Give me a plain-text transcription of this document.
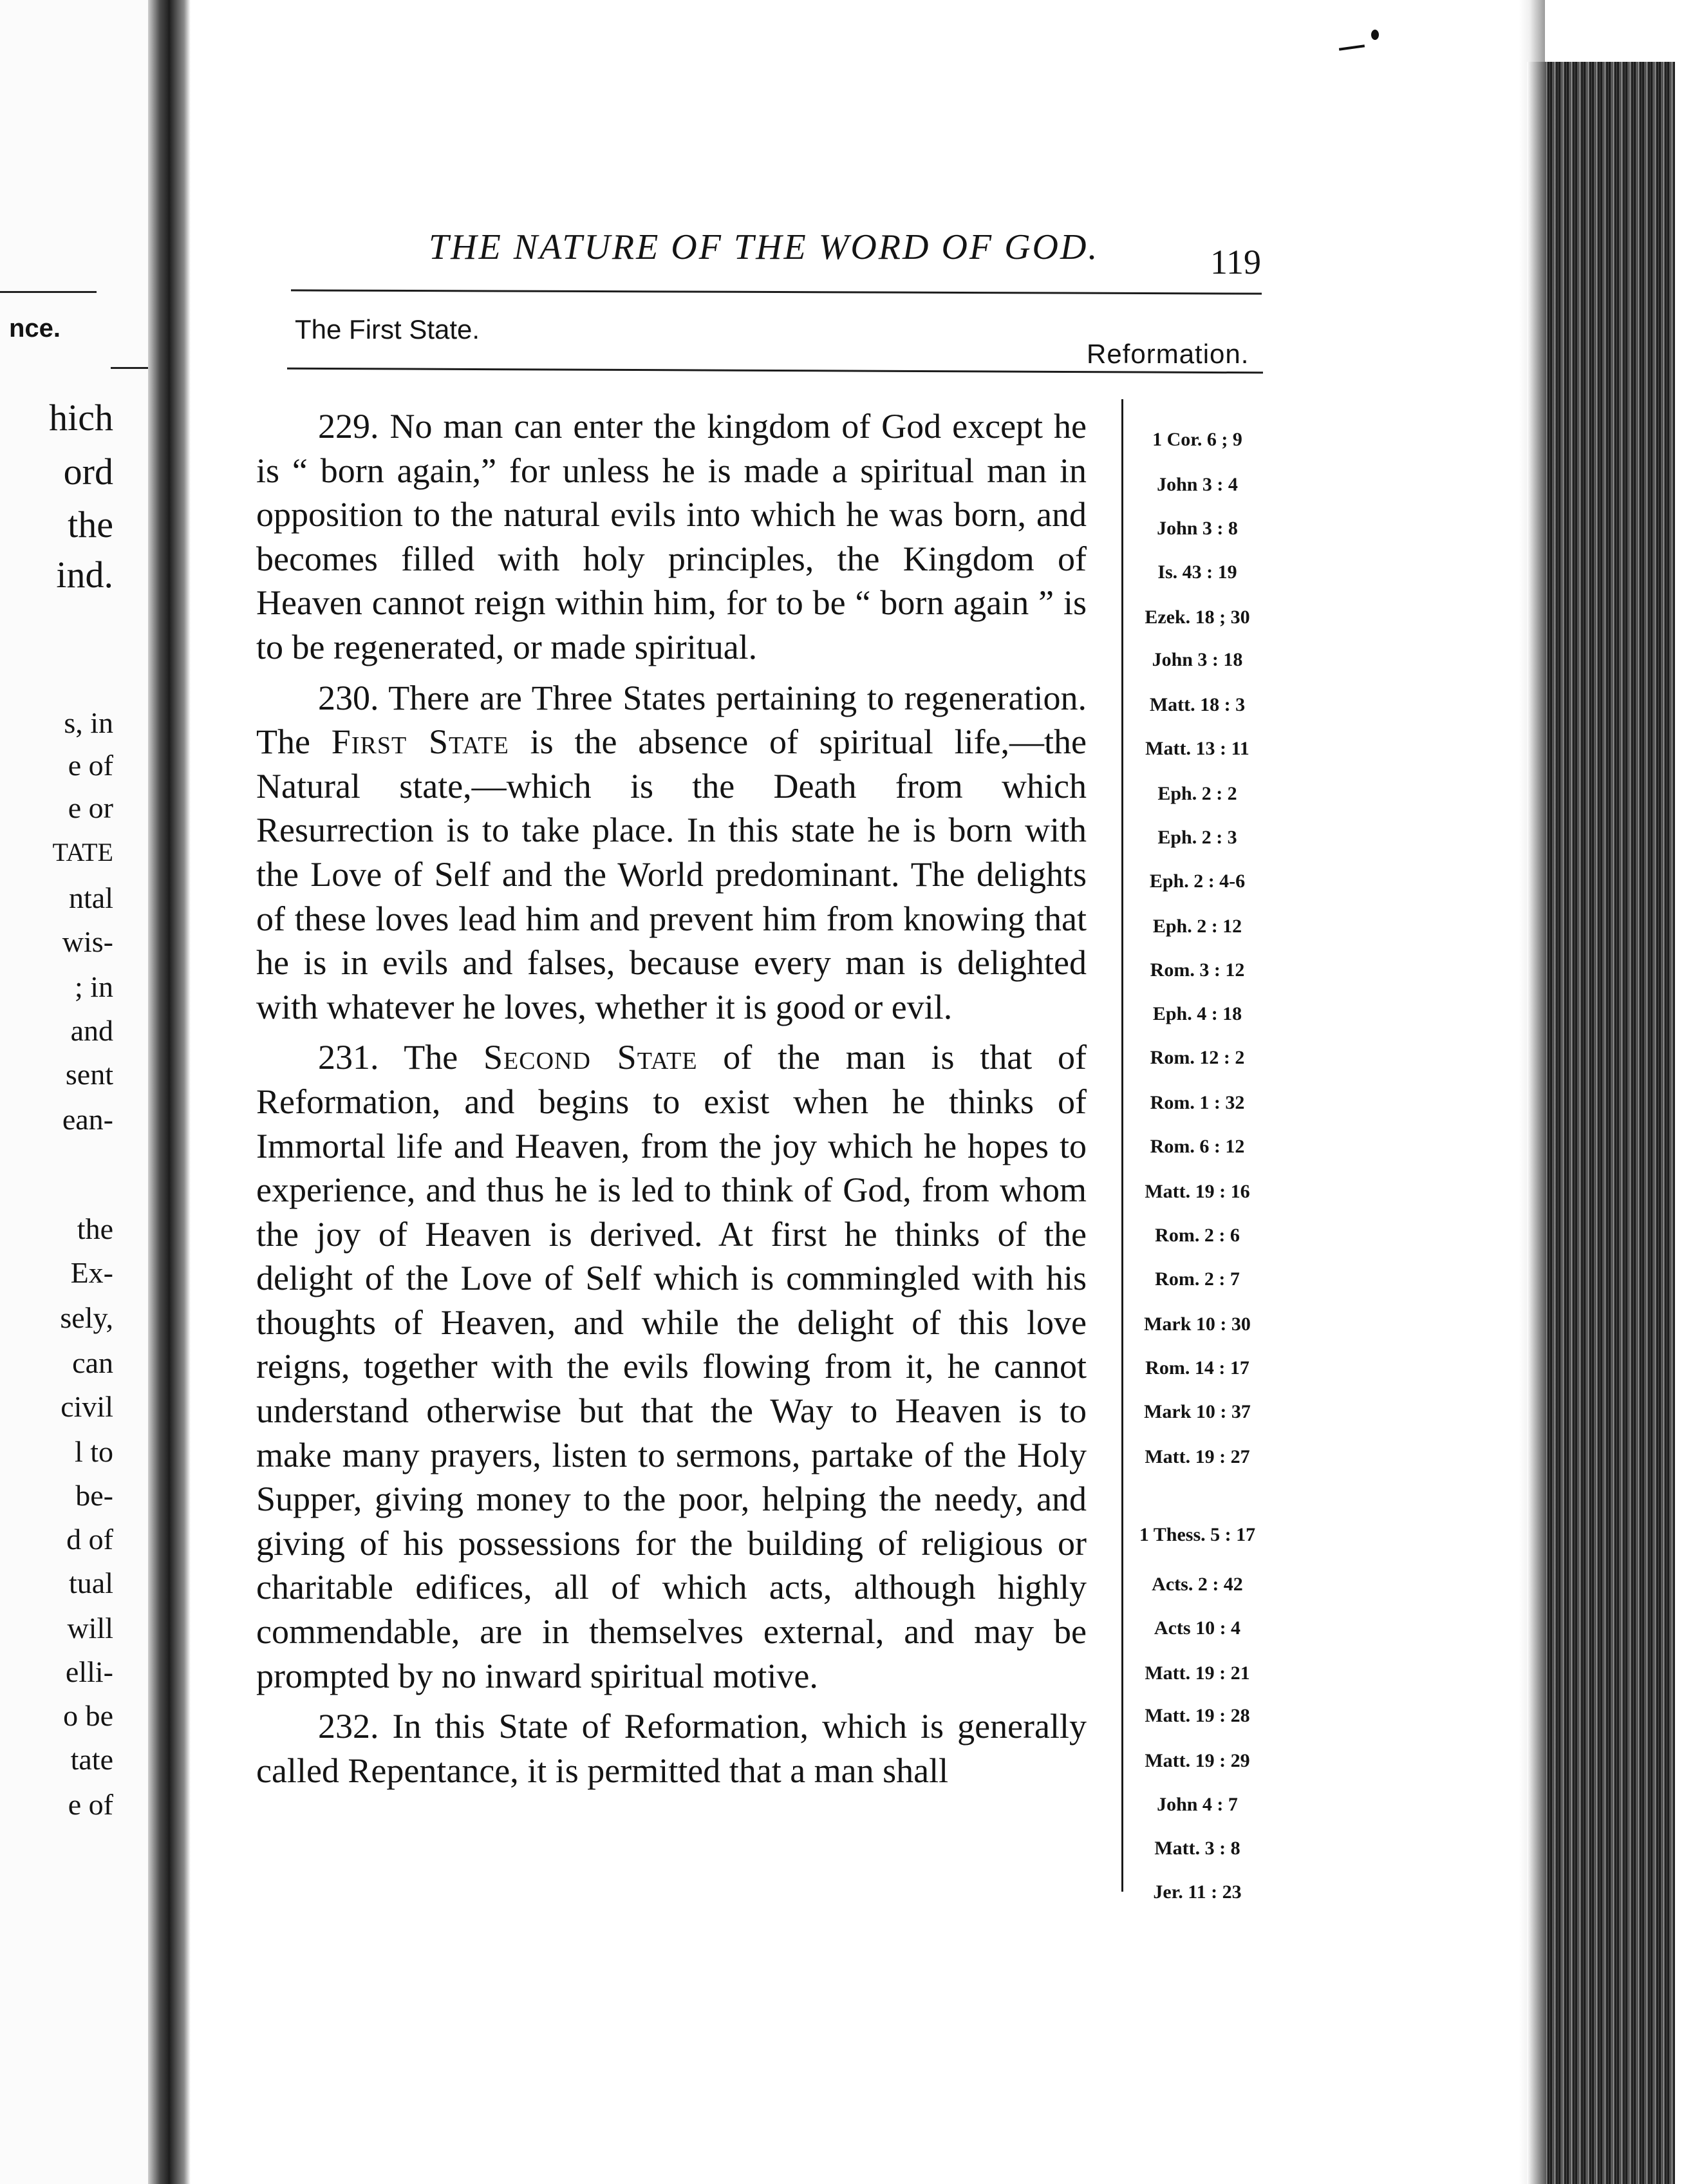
nce.
hich
ord
the
ind.
s, in
e of
e or
TATE
ntal
wis-
; in
and
sent
ean-
the
Ex-
sely,
can
civil
l to
be-
d of
tual
will
elli-
o be
tate
e of
THE NATURE OF THE WORD OF GOD.	119
The First State.
Reformation.

229. No man can enter the kingdom of God except he is “ born again,” for unless he is made a spiritual man in opposition to the natural evils into which he was born, and becomes filled with holy principles, the Kingdom of Heaven cannot reign within him, for to be “ born again ” is to be regenerated, or made spiritual.

230. There are Three States pertaining to regeneration. The First State is the absence of spiritual life,—the Natural state,—which is the Death from which Resurrection is to take place. In this state he is born with the Love of Self and the World predominant. The delights of these loves lead him and prevent him from knowing that he is in evils and falses, because every man is delighted with whatever he loves, whether it is good or evil.

231. The Second State of the man is that of Reformation, and begins to exist when he thinks of Immortal life and Heaven, from the joy which he hopes to experience, and thus he is led to think of God, from whom the joy of Heaven is derived. At first he thinks of the delight of the Love of Self which is commingled with his thoughts of Heaven, and while the delight of this love reigns, together with the evils flowing from it, he cannot understand otherwise but that the Way to Heaven is to make many prayers, listen to sermons, partake of the Holy Supper, giving money to the poor, helping the needy, and giving of his possessions for the building of religious or charitable edifices, all of which acts, although highly commendable, are in themselves external, and may be prompted by no inward spiritual motive.

232. In this State of Reformation, which is generally called Repentance, it is permitted that a man shall

1 Cor. 6 ; 9
John 3 : 4
John 3 : 8
Is. 43 : 19
Ezek. 18 ; 30
John 3 : 18
Matt. 18 : 3
Matt. 13 : 11
Eph. 2 : 2
Eph. 2 : 3
Eph. 2 : 4-6
Eph. 2 : 12
Rom. 3 : 12
Eph. 4 : 18
Rom. 12 : 2
Rom. 1 : 32
Rom. 6 : 12
Matt. 19 : 16
Rom. 2 : 6
Rom. 2 : 7
Mark 10 : 30
Rom. 14 : 17
Mark 10 : 37
Matt. 19 : 27
1 Thess. 5 : 17
Acts. 2 : 42
Acts 10 : 4
Matt. 19 : 21
Matt. 19 : 28
Matt. 19 : 29
John 4 : 7
Matt. 3 : 8
Jer. 11 : 23
